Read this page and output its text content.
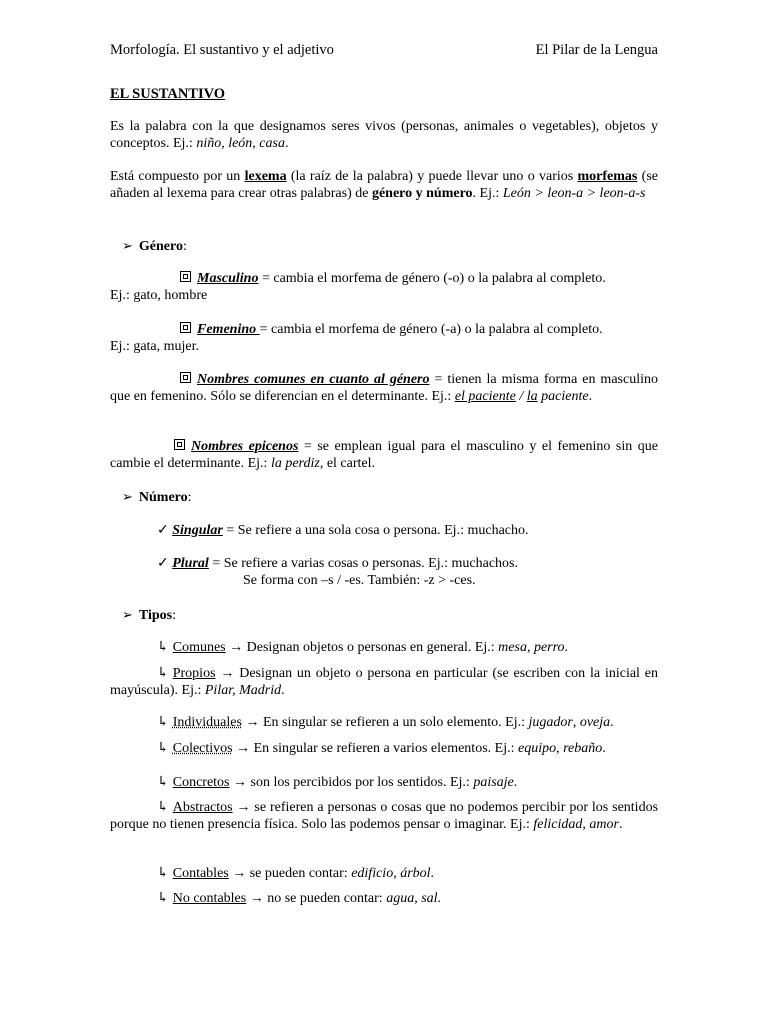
Morfología. El sustantivo y el adjetivo	El Pilar de la Lengua
EL SUSTANTIVO
Es la palabra con la que designamos seres vivos (personas, animales o vegetables), objetos y conceptos. Ej.: niño, león, casa.
Está compuesto por un lexema (la raíz de la palabra) y puede llevar uno o varios morfemas (se añaden al lexema para crear otras palabras) de género y número. Ej.: León > leon-a > leon-a-s
➢ Género:
Masculino = cambia el morfema de género (-o) o la palabra al completo.
Ej.: gato, hombre
Femenino = cambia el morfema de género (-a) o la palabra al completo.
Ej.: gata, mujer.
Nombres comunes en cuanto al género = tienen la misma forma en masculino que en femenino. Sólo se diferencian en el determinante. Ej.: el paciente / la paciente.
Nombres epicenos = se emplean igual para el masculino y el femenino sin que cambie el determinante. Ej.: la perdiz, el cartel.
➢ Número:
✓ Singular = Se refiere a una sola cosa o persona. Ej.: muchacho.
✓ Plural = Se refiere a varias cosas o personas. Ej.: muchachos.
Se forma con –s / -es. También: -z > -ces.
➢ Tipos:
↳ Comunes → Designan objetos o personas en general. Ej.: mesa, perro.
↳ Propios → Designan un objeto o persona en particular (se escriben con la inicial en mayúscula). Ej.: Pilar, Madrid.
↳ Individuales → En singular se refieren a un solo elemento. Ej.: jugador, oveja.
↳ Colectivos → En singular se refieren a varios elementos. Ej.: equipo, rebaño.
↳ Concretos → son los percibidos por los sentidos. Ej.: paisaje.
↳ Abstractos → se refieren a personas o cosas que no podemos percibir por los sentidos porque no tienen presencia física. Solo las podemos pensar o imaginar. Ej.: felicidad, amor.
↳ Contables → se pueden contar: edificio, árbol.
↳ No contables → no se pueden contar: agua, sal.
